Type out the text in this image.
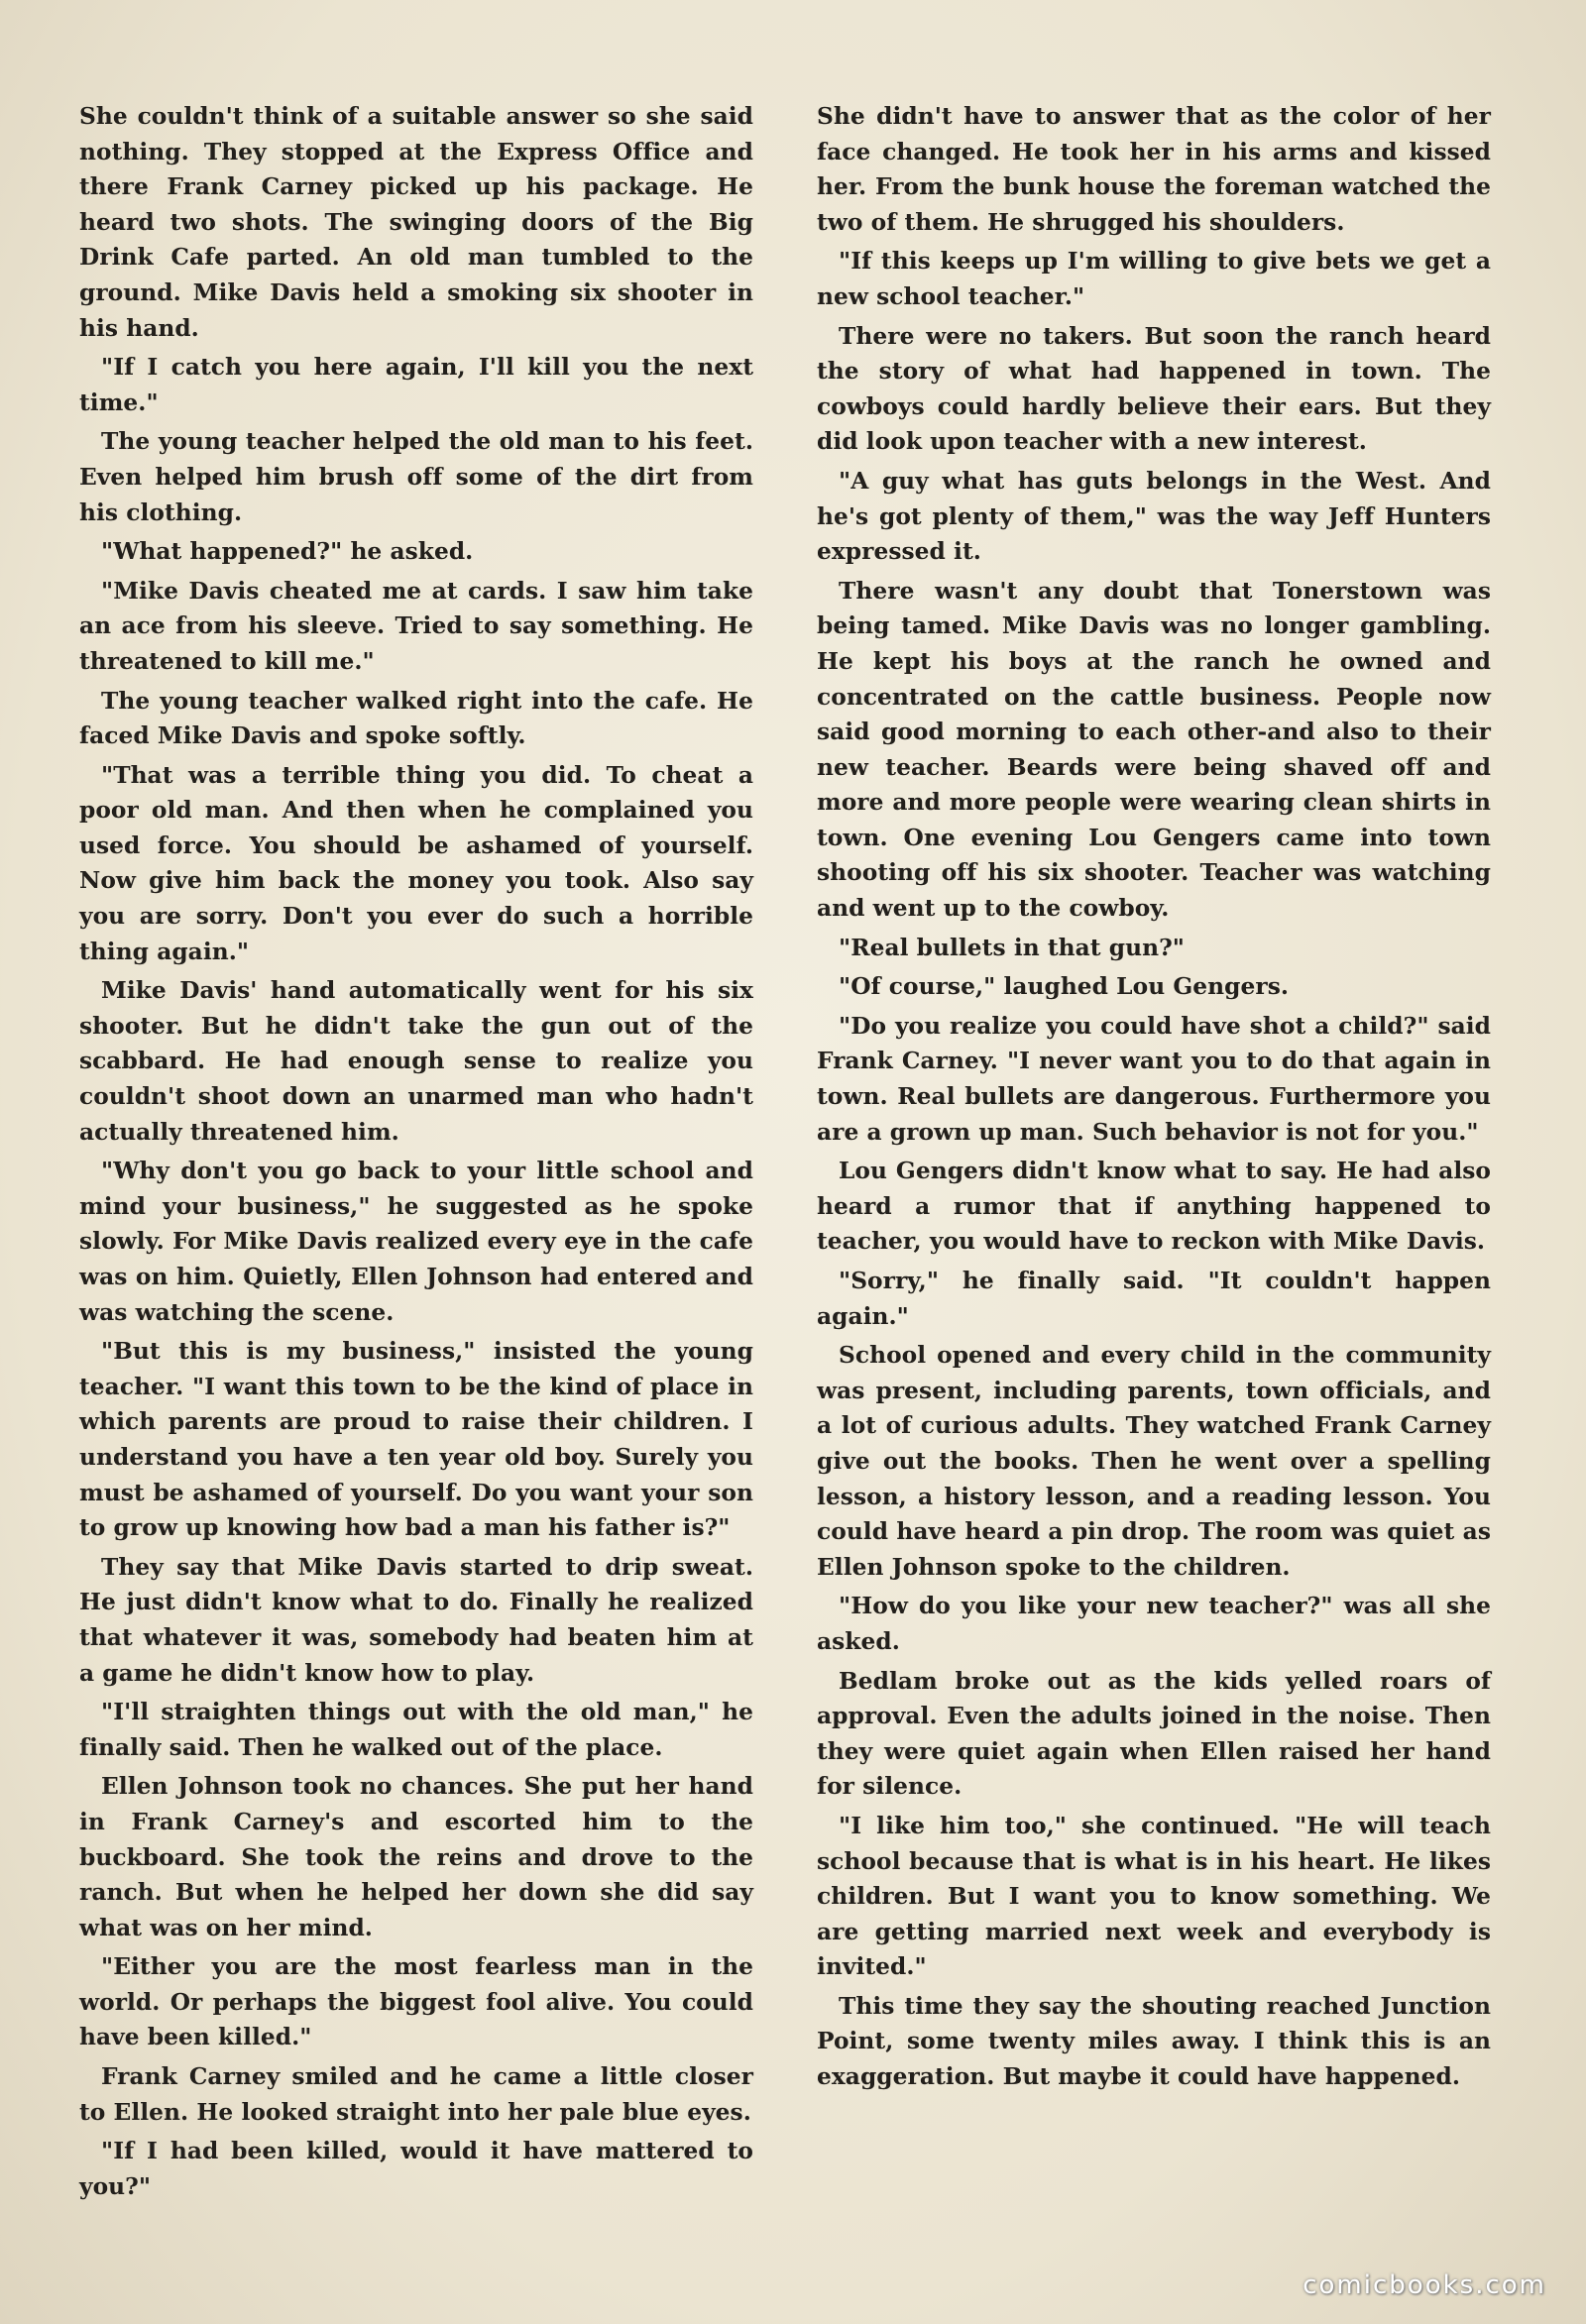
She couldn't think of a suitable answer so she said nothing. They stopped at the Express Office and there Frank Carney picked up his package. He heard two shots. The swinging doors of the Big Drink Cafe parted. An old man tumbled to the ground. Mike Davis held a smoking six shooter in his hand.

"If I catch you here again, I'll kill you the next time."

The young teacher helped the old man to his feet. Even helped him brush off some of the dirt from his clothing.

"What happened?" he asked.

"Mike Davis cheated me at cards. I saw him take an ace from his sleeve. Tried to say something. He threatened to kill me."

The young teacher walked right into the cafe. He faced Mike Davis and spoke softly.

"That was a terrible thing you did. To cheat a poor old man. And then when he complained you used force. You should be ashamed of yourself. Now give him back the money you took. Also say you are sorry. Don't you ever do such a horrible thing again."

Mike Davis' hand automatically went for his six shooter. But he didn't take the gun out of the scabbard. He had enough sense to realize you couldn't shoot down an unarmed man who hadn't actually threatened him.

"Why don't you go back to your little school and mind your business," he suggested as he spoke slowly. For Mike Davis realized every eye in the cafe was on him. Quietly, Ellen Johnson had entered and was watching the scene.

"But this is my business," insisted the young teacher. "I want this town to be the kind of place in which parents are proud to raise their children. I understand you have a ten year old boy. Surely you must be ashamed of yourself. Do you want your son to grow up knowing how bad a man his father is?"

They say that Mike Davis started to drip sweat. He just didn't know what to do. Finally he realized that whatever it was, somebody had beaten him at a game he didn't know how to play.

"I'll straighten things out with the old man," he finally said. Then he walked out of the place.

Ellen Johnson took no chances. She put her hand in Frank Carney's and escorted him to the buckboard. She took the reins and drove to the ranch. But when he helped her down she did say what was on her mind.

"Either you are the most fearless man in the world. Or perhaps the biggest fool alive. You could have been killed."

Frank Carney smiled and he came a little closer to Ellen. He looked straight into her pale blue eyes.

"If I had been killed, would it have mattered to you?"

She didn't have to answer that as the color of her face changed. He took her in his arms and kissed her. From the bunk house the foreman watched the two of them. He shrugged his shoulders.

"If this keeps up I'm willing to give bets we get a new school teacher."

There were no takers. But soon the ranch heard the story of what had happened in town. The cowboys could hardly believe their ears. But they did look upon teacher with a new interest.

"A guy what has guts belongs in the West. And he's got plenty of them," was the way Jeff Hunters expressed it.

There wasn't any doubt that Tonerstown was being tamed. Mike Davis was no longer gambling. He kept his boys at the ranch he owned and concentrated on the cattle business. People now said good morning to each other-and also to their new teacher. Beards were being shaved off and more and more people were wearing clean shirts in town. One evening Lou Gengers came into town shooting off his six shooter. Teacher was watching and went up to the cowboy.

"Real bullets in that gun?"

"Of course," laughed Lou Gengers.

"Do you realize you could have shot a child?" said Frank Carney. "I never want you to do that again in town. Real bullets are dangerous. Furthermore you are a grown up man. Such behavior is not for you."

Lou Gengers didn't know what to say. He had also heard a rumor that if anything happened to teacher, you would have to reckon with Mike Davis.

"Sorry," he finally said. "It couldn't happen again."

School opened and every child in the community was present, including parents, town officials, and a lot of curious adults. They watched Frank Carney give out the books. Then he went over a spelling lesson, a history lesson, and a reading lesson. You could have heard a pin drop. The room was quiet as Ellen Johnson spoke to the children.

"How do you like your new teacher?" was all she asked.

Bedlam broke out as the kids yelled roars of approval. Even the adults joined in the noise. Then they were quiet again when Ellen raised her hand for silence.

"I like him too," she continued. "He will teach school because that is what is in his heart. He likes children. But I want you to know something. We are getting married next week and everybody is invited."

This time they say the shouting reached Junction Point, some twenty miles away. I think this is an exaggeration. But maybe it could have happened.

comicbooks.com
